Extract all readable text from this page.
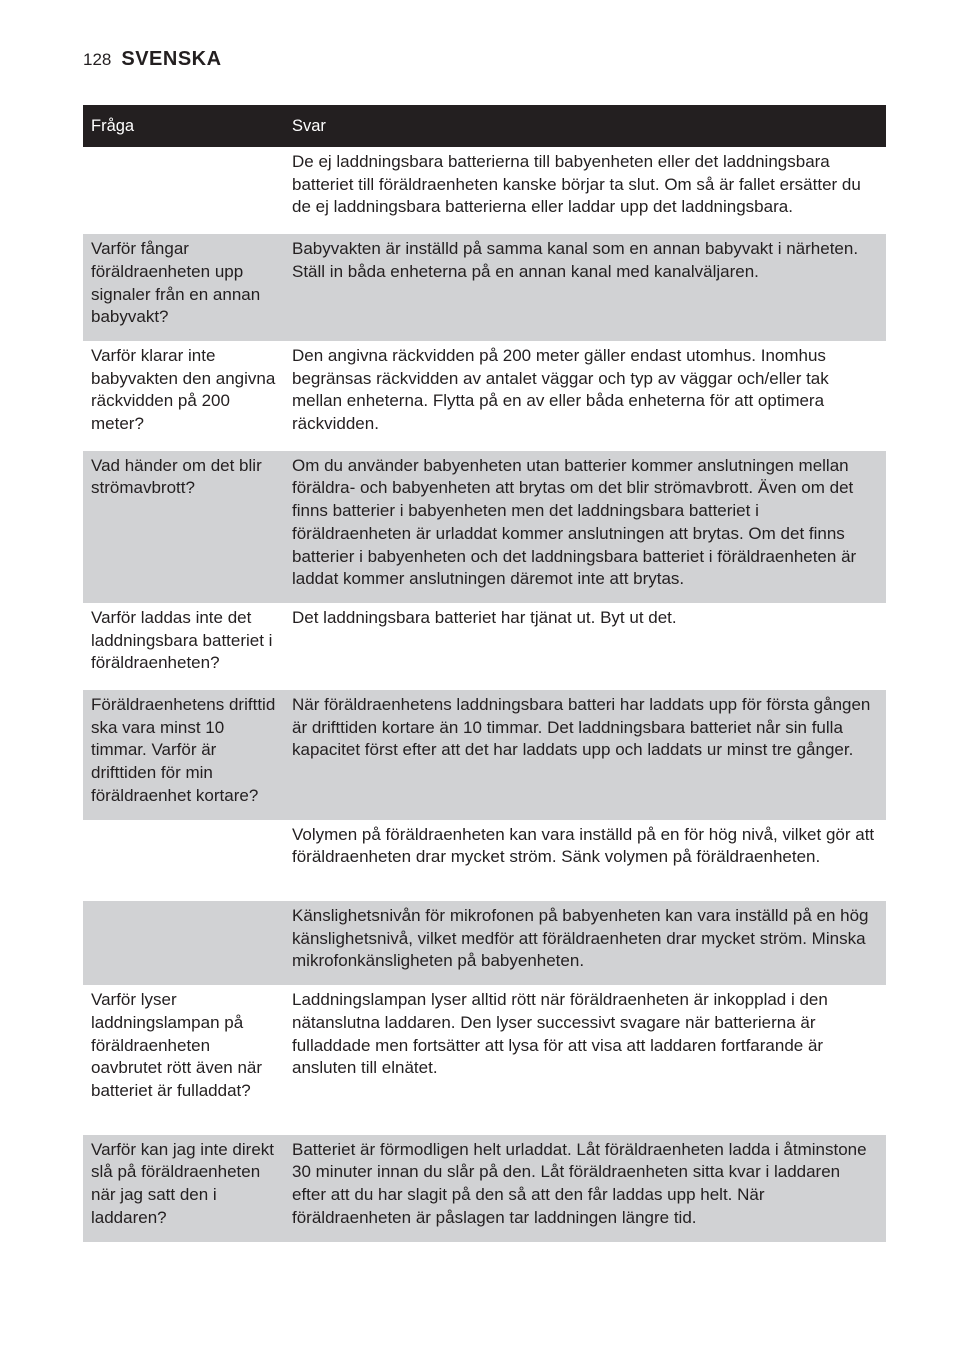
128 SVENSKA
Fråga	Svar
	De ej laddningsbara batterierna till babyenheten eller det laddningsbara batteriet till föräldraenheten kanske börjar ta slut. Om så är fallet ersätter du de ej laddningsbara batterierna eller laddar upp det laddningsbara.
Varför fångar föräldraenheten upp signaler från en annan babyvakt?	Babyvakten är inställd på samma kanal som en annan babyvakt i närheten. Ställ in båda enheterna på en annan kanal med kanalväljaren.
Varför klarar inte babyvakten den angivna räckvidden på 200 meter?	Den angivna räckvidden på 200 meter gäller endast utomhus. Inomhus begränsas räckvidden av antalet väggar och typ av väggar och/eller tak mellan enheterna. Flytta på en av eller båda enheterna för att optimera räckvidden.
Vad händer om det blir strömavbrott?	Om du använder babyenheten utan batterier kommer anslutningen mellan föräldra- och babyenheten att brytas om det blir strömavbrott. Även om det finns batterier i babyenheten men det laddningsbara batteriet i föräldraenheten är urladdat kommer anslutningen att brytas. Om det finns batterier i babyenheten och det laddningsbara batteriet i föräldraenheten är laddat kommer anslutningen däremot inte att brytas.
Varför laddas inte det laddningsbara batteriet i föräldraenheten?	Det laddningsbara batteriet har tjänat ut. Byt ut det.
Föräldraenhetens drifttid ska vara minst 10 timmar. Varför är drifttiden för min föräldraenhet kortare?	När föräldraenhetens laddningsbara batteri har laddats upp för första gången är drifttiden kortare än 10 timmar. Det laddningsbara batteriet når sin fulla kapacitet först efter att det har laddats upp och laddats ur minst tre gånger.
	Volymen på föräldraenheten kan vara inställd på en för hög nivå, vilket gör att föräldraenheten drar mycket ström. Sänk volymen på föräldraenheten.
	Känslighetsnivån för mikrofonen på babyenheten kan vara inställd på en hög känslighetsnivå, vilket medför att föräldraenheten drar mycket ström. Minska mikrofonkänsligheten på babyenheten.
Varför lyser laddningslampan på föräldraenheten oavbrutet rött även när batteriet är fulladdat?	Laddningslampan lyser alltid rött när föräldraenheten är inkopplad i den nätanslutna laddaren. Den lyser successivt svagare när batterierna är fulladdade men fortsätter att lysa för att visa att laddaren fortfarande är ansluten till elnätet.
Varför kan jag inte direkt slå på föräldraenheten när jag satt den i laddaren?	Batteriet är förmodligen helt urladdat. Låt föräldraenheten ladda i åtminstone 30 minuter innan du slår på den. Låt föräldraenheten sitta kvar i laddaren efter att du har slagit på den så att den får laddas upp helt. När föräldraenheten är påslagen tar laddningen längre tid.
